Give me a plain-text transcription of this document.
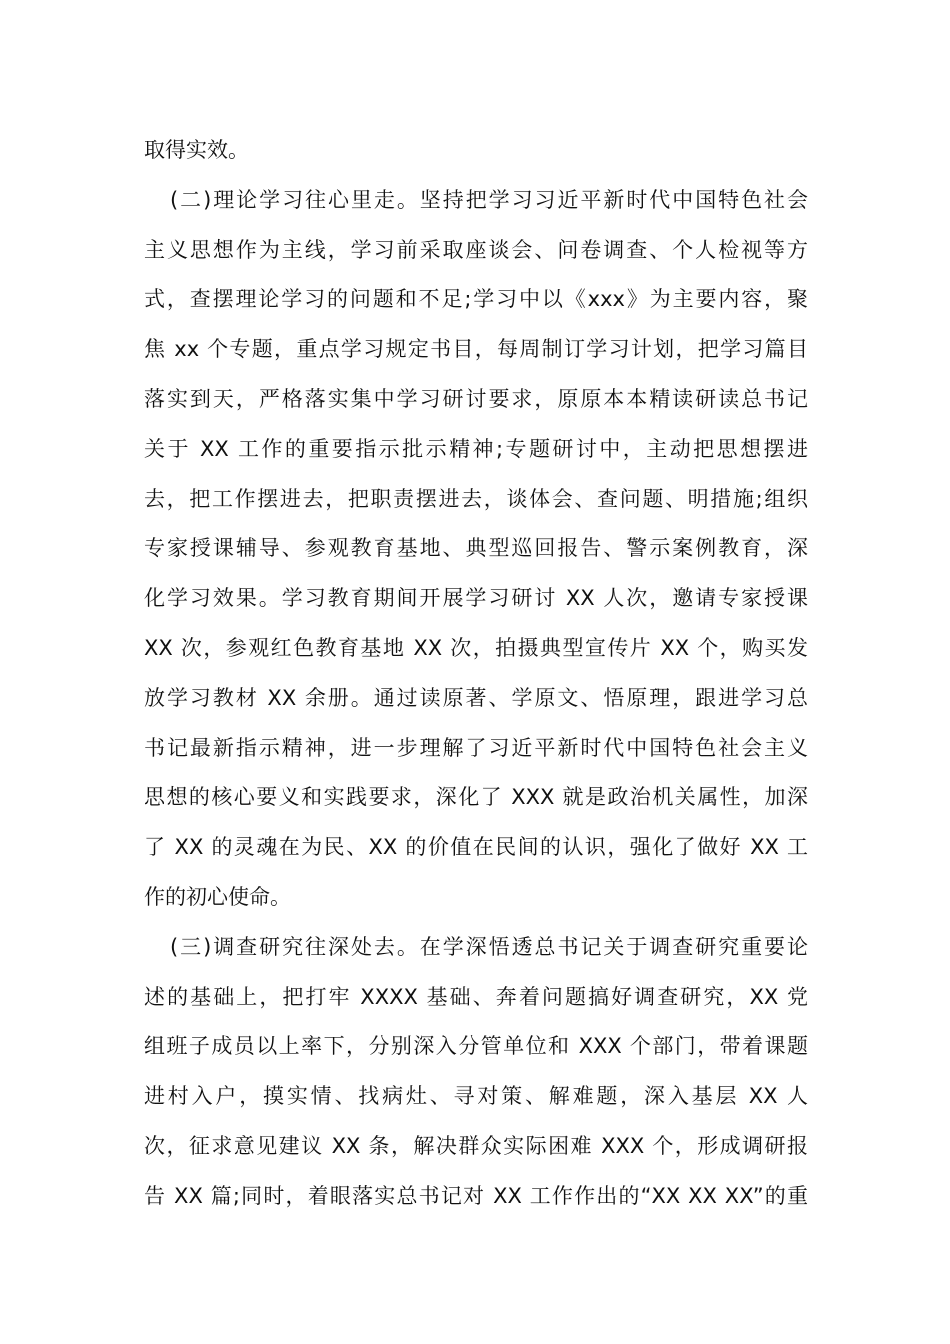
取得实效。
(二)理论学习往心里走。坚持把学习习近平新时代中国特色社会
主义思想作为主线，学习前采取座谈会、问卷调查、个人检视等方
式，查摆理论学习的问题和不足;学习中以《xxx》为主要内容，聚
焦 xx 个专题，重点学习规定书目，每周制订学习计划，把学习篇目
落实到天，严格落实集中学习研讨要求，原原本本精读研读总书记
关于 XX 工作的重要指示批示精神;专题研讨中，主动把思想摆进
去，把工作摆进去，把职责摆进去，谈体会、查问题、明措施;组织
专家授课辅导、参观教育基地、典型巡回报告、警示案例教育，深
化学习效果。学习教育期间开展学习研讨 XX 人次，邀请专家授课
XX 次，参观红色教育基地 XX 次，拍摄典型宣传片 XX 个，购买发
放学习教材 XX 余册。通过读原著、学原文、悟原理，跟进学习总
书记最新指示精神，进一步理解了习近平新时代中国特色社会主义
思想的核心要义和实践要求，深化了 XXX 就是政治机关属性，加深
了 XX 的灵魂在为民、XX 的价值在民间的认识，强化了做好 XX 工
作的初心使命。
(三)调查研究往深处去。在学深悟透总书记关于调查研究重要论
述的基础上，把打牢 XXXX 基础、奔着问题搞好调查研究，XX 党
组班子成员以上率下，分别深入分管单位和 XXX 个部门，带着课题
进村入户，摸实情、找病灶、寻对策、解难题，深入基层 XX 人
次，征求意见建议 XX 条，解决群众实际困难 XXX 个，形成调研报
告 XX 篇;同时，着眼落实总书记对 XX 工作作出的“XX XX XX”的重
